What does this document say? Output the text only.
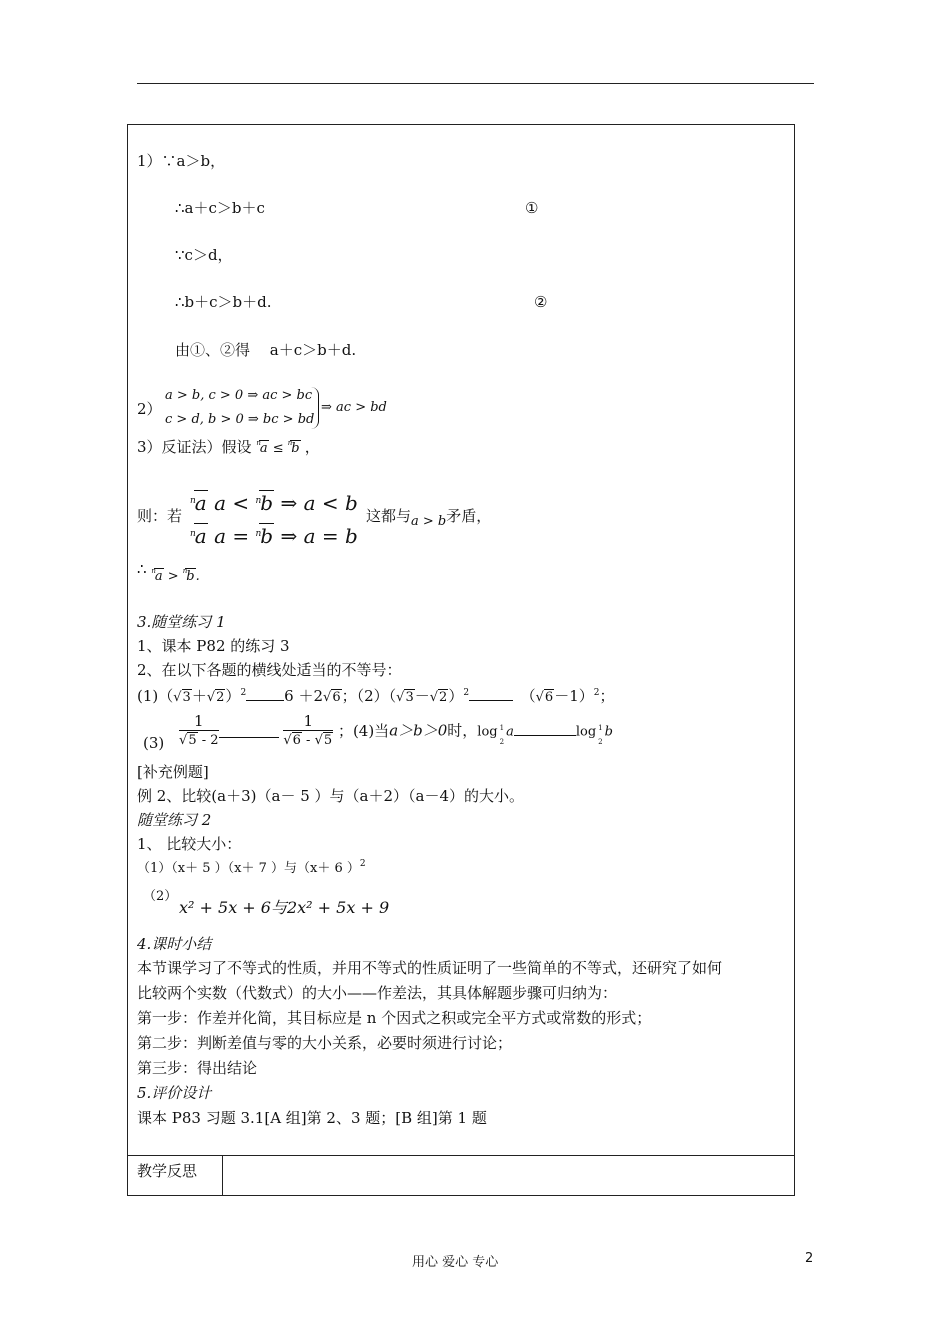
1）∵a＞b，
∴a＋c＞b＋c	①
∵c＞d，
∴b＋c＞b＋d.	②
由①、②得　 a＋c＞b＋d.
2）
a > b, c > 0 ⇒ ac > bc
c > d, b > 0 ⇒ bc > bd
⇒ ac > bd
3）反证法）假设 $^n$a ≤ $^n$b ，
则：若
$^n$a a < $^n$b ⇒ a < b
$^n$a a = $^n$b ⇒ a = b
这都与a > b矛盾，
∴ $^n$a > $^n$b.
3.随堂练习 1
1、课本 P82 的练习 3
2、在以下各题的横线处适当的不等号：
$(1)(√3+√2)^2$	6 ＋2√6；$(2)(√3-√2)^2$　	$(√6-1)^2$；
$(3) \frac{1}{√5 - 2}$
	$\frac{1}{√6 - √5}$ ；(4)当a＞b＞0时，log 1
2
a	log 1
2
b
[补充例题]
例 2、比较(a＋3)（a－ 5 ）与（a＋2）（a－4）的大小。
随堂练习 2
1、 比较大小：
（1）（x＋ 5 ）（x＋ 7 ）与（x＋ 6 ）$^2$
（2）
x² + 5x + 6与2x² + 5x + 9
4.课时小结
本节课学习了不等式的性质，并用不等式的性质证明了一些简单的不等式，还研究了如何
比较两个实数（代数式）的大小——作差法，其具体解题步骤可归纳为：
第一步：作差并化简，其目标应是 n 个因式之积或完全平方式或常数的形式；
第二步：判断差值与零的大小关系，必要时须进行讨论；
第三步：得出结论
5.评价设计
课本 P83 习题 3.1[A 组]第 2、3 题；[B 组]第 1 题
教学反思
用心 爱心 专心	2
